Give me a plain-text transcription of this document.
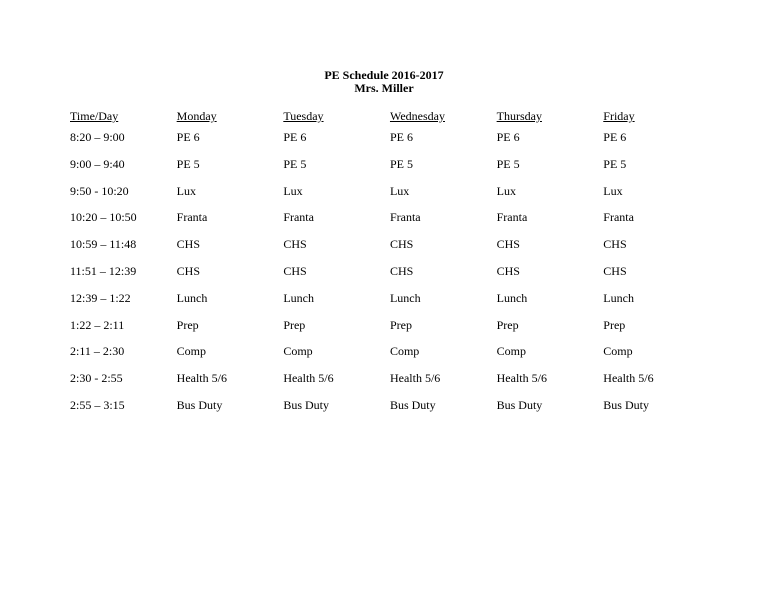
PE Schedule 2016-2017
Mrs. Miller
Time/Day	Monday	Tuesday	Wednesday	Thursday	Friday
8:20 – 9:00	PE 6	PE 6	PE 6	PE 6	PE 6
9:00 – 9:40	PE 5	PE 5	PE 5	PE 5	PE 5
9:50 - 10:20	Lux	Lux	Lux	Lux	Lux
10:20 – 10:50	Franta	Franta	Franta	Franta	Franta
10:59 – 11:48	CHS	CHS	CHS	CHS	CHS
11:51 – 12:39	CHS	CHS	CHS	CHS	CHS
12:39 – 1:22	Lunch	Lunch	Lunch	Lunch	Lunch
1:22 – 2:11	Prep	Prep	Prep	Prep	Prep
2:11 – 2:30	Comp	Comp	Comp	Comp	Comp
2:30 - 2:55	Health 5/6	Health 5/6	Health 5/6	Health 5/6	Health 5/6
2:55 – 3:15	Bus Duty	Bus Duty	Bus Duty	Bus Duty	Bus Duty
